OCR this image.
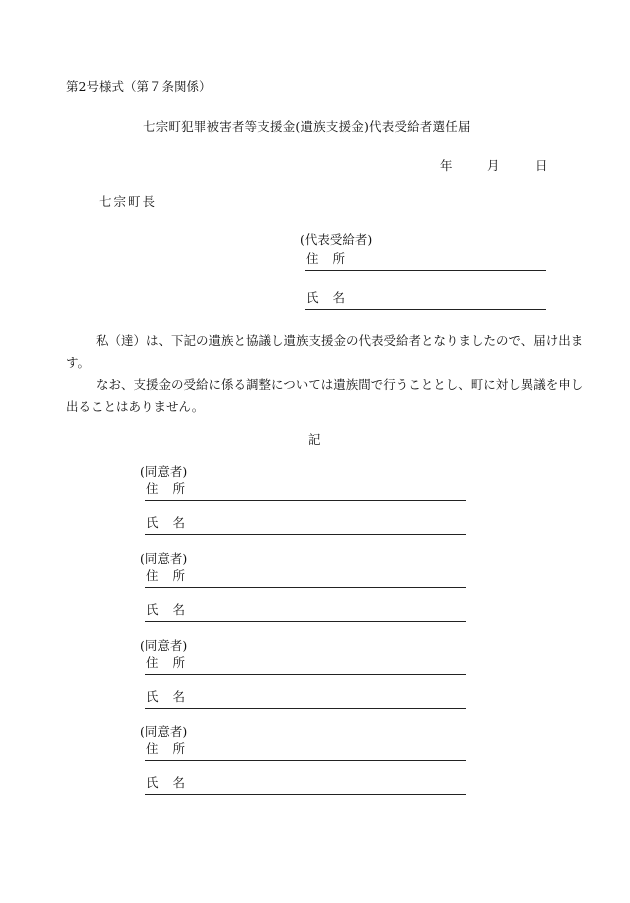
第2号様式（第７条関係）
七宗町犯罪被害者等支援金(遺族支援金)代表受給者選任届
年	月	日
七宗町長
(代表受給者)
住 所
氏 名
私（達）は、下記の遺族と協議し遺族支援金の代表受給者となりましたので、届け出ます。
なお、支援金の受給に係る調整については遺族間で行うこととし、町に対し異議を申し出ることはありません。
記
(同意者)
住 所
氏 名
(同意者)
住 所
氏 名
(同意者)
住 所
氏 名
(同意者)
住 所
氏 名
